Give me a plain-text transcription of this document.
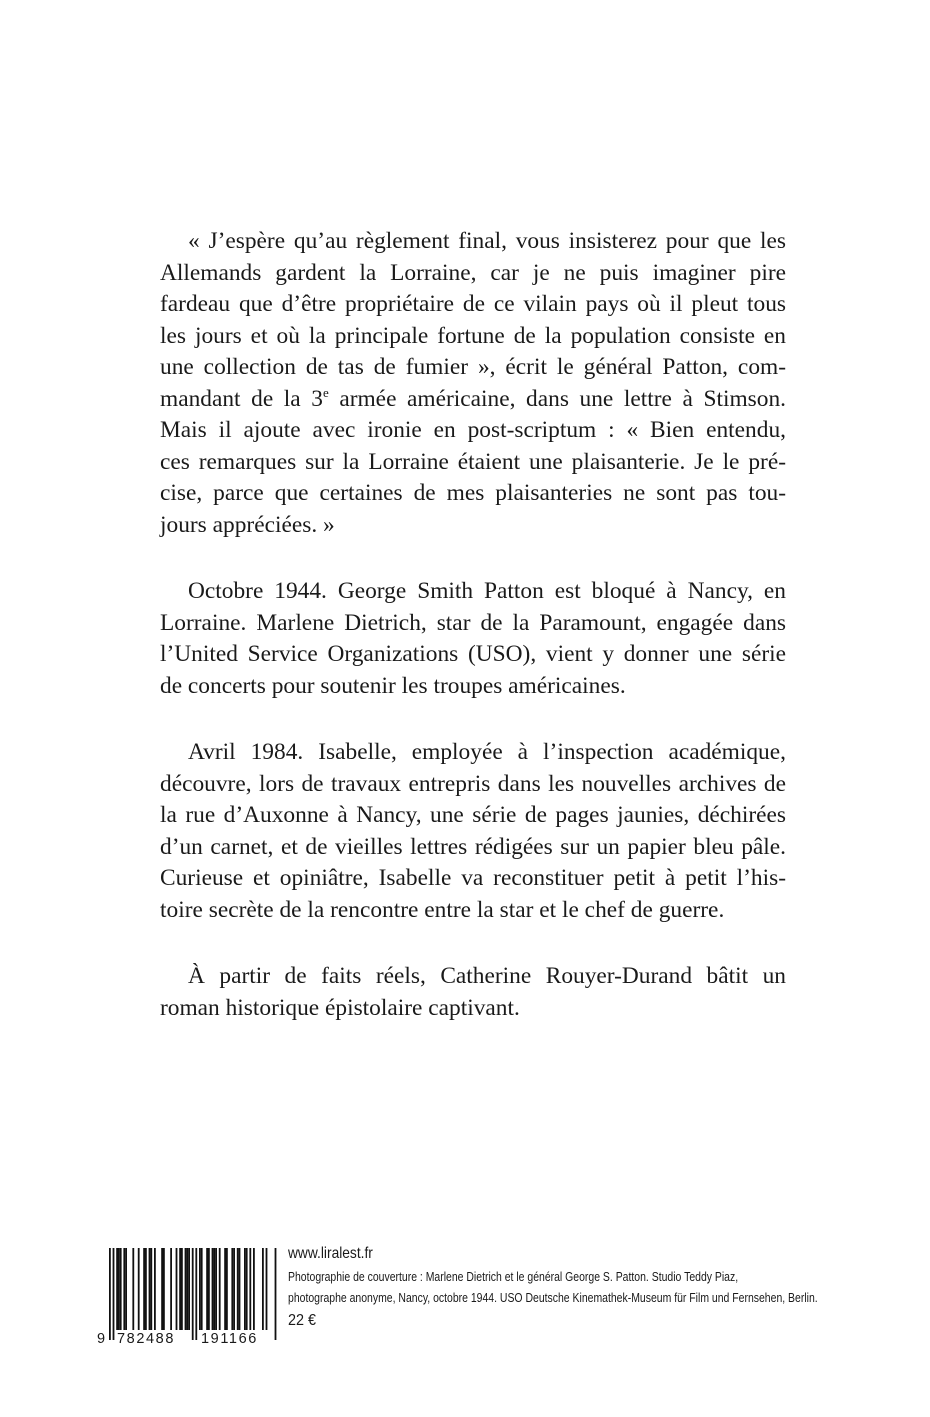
« J’espère qu’au règlement final, vous insisterez pour que les
Allemands gardent la Lorraine, car je ne puis imaginer pire
fardeau que d’être propriétaire de ce vilain pays où il pleut tous
les jours et où la principale fortune de la population consiste en
une collection de tas de fumier », écrit le général Patton, com-
mandant de la 3e armée américaine, dans une lettre à Stimson.
Mais il ajoute avec ironie en post-scriptum : « Bien entendu,
ces remarques sur la Lorraine étaient une plaisanterie. Je le pré-
cise, parce que certaines de mes plaisanteries ne sont pas tou-
jours appréciées. »

Octobre 1944. George Smith Patton est bloqué à Nancy, en
Lorraine. Marlene Dietrich, star de la Paramount, engagée dans
l’United Service Organizations (USO), vient y donner une série
de concerts pour soutenir les troupes américaines.

Avril 1984. Isabelle, employée à l’inspection académique,
découvre, lors de travaux entrepris dans les nouvelles archives de
la rue d’Auxonne à Nancy, une série de pages jaunies, déchirées
d’un carnet, et de vieilles lettres rédigées sur un papier bleu pâle.
Curieuse et opiniâtre, Isabelle va reconstituer petit à petit l’his-
toire secrète de la rencontre entre la star et le chef de guerre.

À partir de faits réels, Catherine Rouyer-Durand bâtit un
roman historique épistolaire captivant.

9 782488 191166
www.liralest.fr
Photographie de couverture : Marlene Dietrich et le général George S. Patton. Studio Teddy Piaz,
photographe anonyme, Nancy, octobre 1944. USO Deutsche Kinemathek-Museum für Film und Fernsehen, Berlin.
22 €
